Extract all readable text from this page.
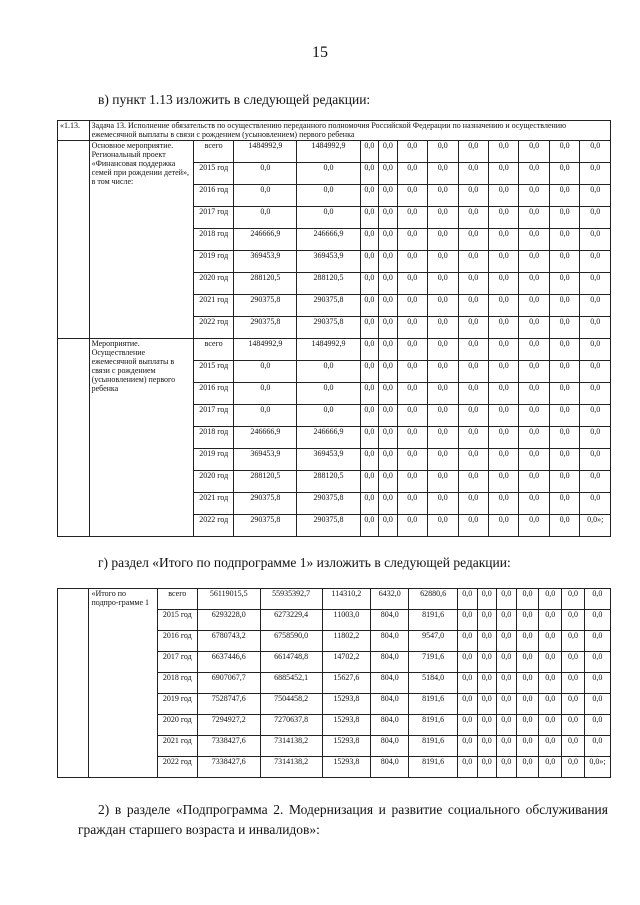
15
в) пункт 1.13 изложить в следующей редакции:
«1.13.	Задача 13. Исполнение обязательств по осуществлению переданного полномочия Российской Федерации по назначению и осуществлению ежемесячной выплаты в связи с рождением (усыновлением) первого ребенка												
	Основное мероприятие. Региональный проект «Финансовая поддержка семей при рождении детей», в том числе:	всего	1484992,9	1484992,9	0,0	0,0	0,0	0,0	0,0	0,0	0,0	0,0	0,0
		2015 год	0,0	0,0	0,0	0,0	0,0	0,0	0,0	0,0	0,0	0,0	0,0
		2016 год	0,0	0,0	0,0	0,0	0,0	0,0	0,0	0,0	0,0	0,0	0,0
		2017 год	0,0	0,0	0,0	0,0	0,0	0,0	0,0	0,0	0,0	0,0	0,0
		2018 год	246666,9	246666,9	0,0	0,0	0,0	0,0	0,0	0,0	0,0	0,0	0,0
		2019 год	369453,9	369453,9	0,0	0,0	0,0	0,0	0,0	0,0	0,0	0,0	0,0
		2020 год	288120,5	288120,5	0,0	0,0	0,0	0,0	0,0	0,0	0,0	0,0	0,0
		2021 год	290375,8	290375,8	0,0	0,0	0,0	0,0	0,0	0,0	0,0	0,0	0,0
		2022 год	290375,8	290375,8	0,0	0,0	0,0	0,0	0,0	0,0	0,0	0,0	0,0
	Мероприятие. Осуществление ежемесячной выплаты в связи с рождением (усыновлением) первого ребенка	всего	1484992,9	1484992,9	0,0	0,0	0,0	0,0	0,0	0,0	0,0	0,0	0,0
		2015 год	0,0	0,0	0,0	0,0	0,0	0,0	0,0	0,0	0,0	0,0	0,0
		2016 год	0,0	0,0	0,0	0,0	0,0	0,0	0,0	0,0	0,0	0,0	0,0
		2017 год	0,0	0,0	0,0	0,0	0,0	0,0	0,0	0,0	0,0	0,0	0,0
		2018 год	246666,9	246666,9	0,0	0,0	0,0	0,0	0,0	0,0	0,0	0,0	0,0
		2019 год	369453,9	369453,9	0,0	0,0	0,0	0,0	0,0	0,0	0,0	0,0	0,0
		2020 год	288120,5	288120,5	0,0	0,0	0,0	0,0	0,0	0,0	0,0	0,0	0,0
		2021 год	290375,8	290375,8	0,0	0,0	0,0	0,0	0,0	0,0	0,0	0,0	0,0
		2022 год	290375,8	290375,8	0,0	0,0	0,0	0,0	0,0	0,0	0,0	0,0	0,0»;
г) раздел «Итого по подпрограмме 1» изложить в следующей редакции:
	«Итого по подпро-грамме 1	всего	56119015,5	55935392,7	114310,2	6432,0	62880,6	0,0	0,0	0,0	0,0	0,0	0,0	0,0
		2015 год	6293228,0	6273229,4	11003,0	804,0	8191,6	0,0	0,0	0,0	0,0	0,0	0,0	0,0
		2016 год	6780743,2	6758590,0	11802,2	804,0	9547,0	0,0	0,0	0,0	0,0	0,0	0,0	0,0
		2017 год	6637446,6	6614748,8	14702,2	804,0	7191,6	0,0	0,0	0,0	0,0	0,0	0,0	0,0
		2018 год	6907067,7	6885452,1	15627,6	804,0	5184,0	0,0	0,0	0,0	0,0	0,0	0,0	0,0
		2019 год	7528747,6	7504458,2	15293,8	804,0	8191,6	0,0	0,0	0,0	0,0	0,0	0,0	0,0
		2020 год	7294927,2	7270637,8	15293,8	804,0	8191,6	0,0	0,0	0,0	0,0	0,0	0,0	0,0
		2021 год	7338427,6	7314138,2	15293,8	804,0	8191,6	0,0	0,0	0,0	0,0	0,0	0,0	0,0
		2022 год	7338427,6	7314138,2	15293,8	804,0	8191,6	0,0	0,0	0,0	0,0	0,0	0,0	0,0»;
2) в разделе «Подпрограмма 2. Модернизация и развитие социального обслуживания
граждан старшего возраста и инвалидов»:
